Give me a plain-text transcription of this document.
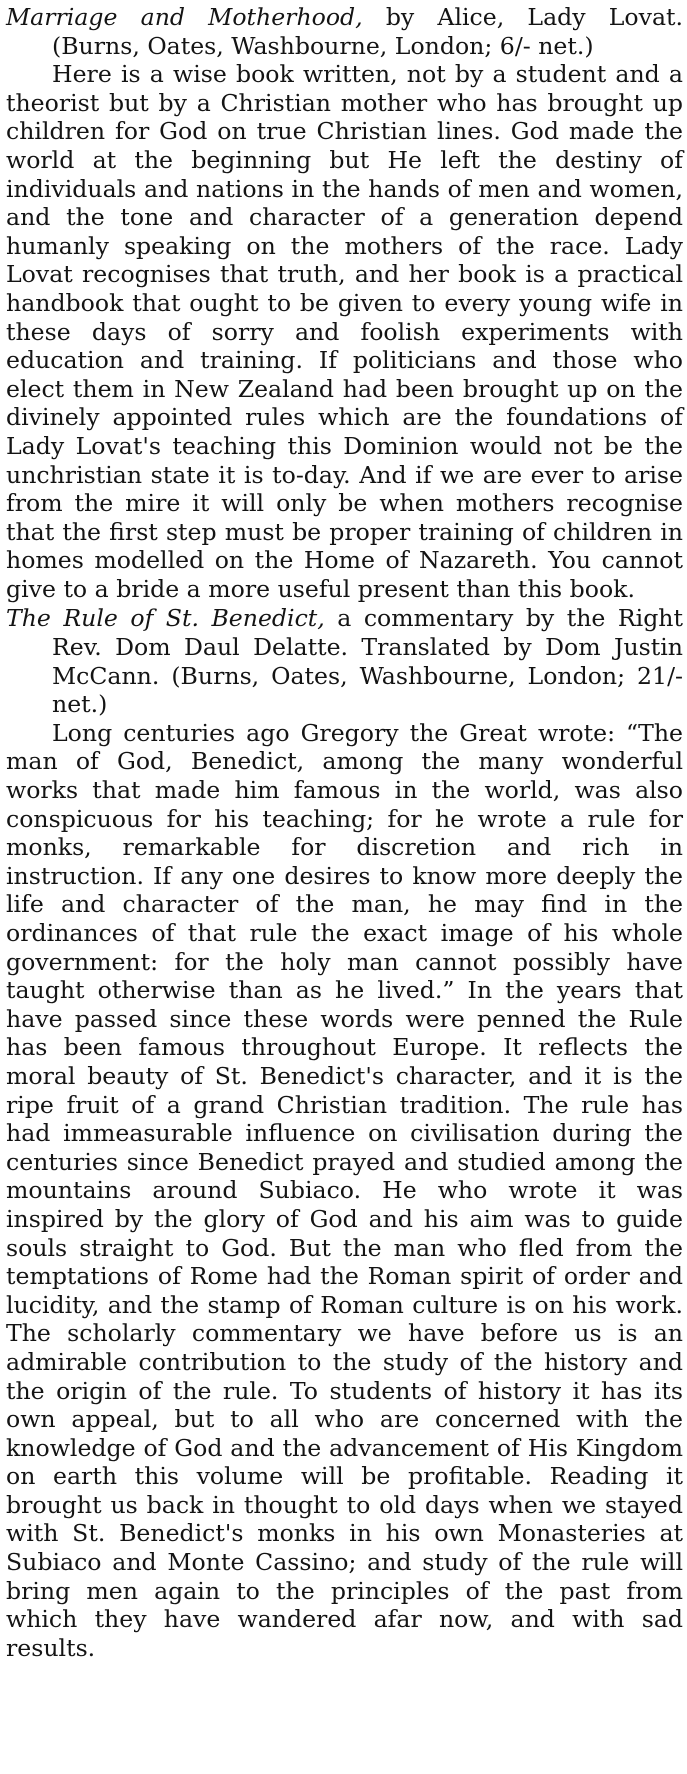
Marriage and Motherhood, by Alice, Lady Lovat. (Burns, Oates, Washbourne, London; 6/- net.)

Here is a wise book written, not by a student and a theorist but by a Christian mother who has brought up children for God on true Christian lines. God made the world at the beginning but He left the destiny of individuals and nations in the hands of men and women, and the tone and character of a generation depend humanly speaking on the mothers of the race. Lady Lovat recognises that truth, and her book is a practical handbook that ought to be given to every young wife in these days of sorry and foolish experiments with education and training. If politicians and those who elect them in New Zealand had been brought up on the divinely appointed rules which are the foundations of Lady Lovat's teaching this Dominion would not be the unchristian state it is to-day. And if we are ever to arise from the mire it will only be when mothers recognise that the first step must be proper training of children in homes modelled on the Home of Nazareth. You cannot give to a bride a more useful present than this book.

The Rule of St. Benedict, a commentary by the Right Rev. Dom Daul Delatte. Translated by Dom Justin McCann. (Burns, Oates, Washbourne, London; 21/- net.)

Long centuries ago Gregory the Great wrote: “The man of God, Benedict, among the many wonderful works that made him famous in the world, was also conspicuous for his teaching; for he wrote a rule for monks, remarkable for discretion and rich in instruction. If any one desires to know more deeply the life and character of the man, he may find in the ordinances of that rule the exact image of his whole government: for the holy man cannot possibly have taught otherwise than as he lived.” In the years that have passed since these words were penned the Rule has been famous throughout Europe. It reflects the moral beauty of St. Benedict's character, and it is the ripe fruit of a grand Christian tradition. The rule has had immeasurable influence on civilisation during the centuries since Benedict prayed and studied among the mountains around Subiaco. He who wrote it was inspired by the glory of God and his aim was to guide souls straight to God. But the man who fled from the temptations of Rome had the Roman spirit of order and lucidity, and the stamp of Roman culture is on his work. The scholarly commentary we have before us is an admirable contribution to the study of the history and the origin of the rule. To students of history it has its own appeal, but to all who are concerned with the knowledge of God and the advancement of His Kingdom on earth this volume will be profitable. Reading it brought us back in thought to old days when we stayed with St. Benedict's monks in his own Monasteries at Subiaco and Monte Cassino; and study of the rule will bring men again to the principles of the past from which they have wandered afar now, and with sad results.
